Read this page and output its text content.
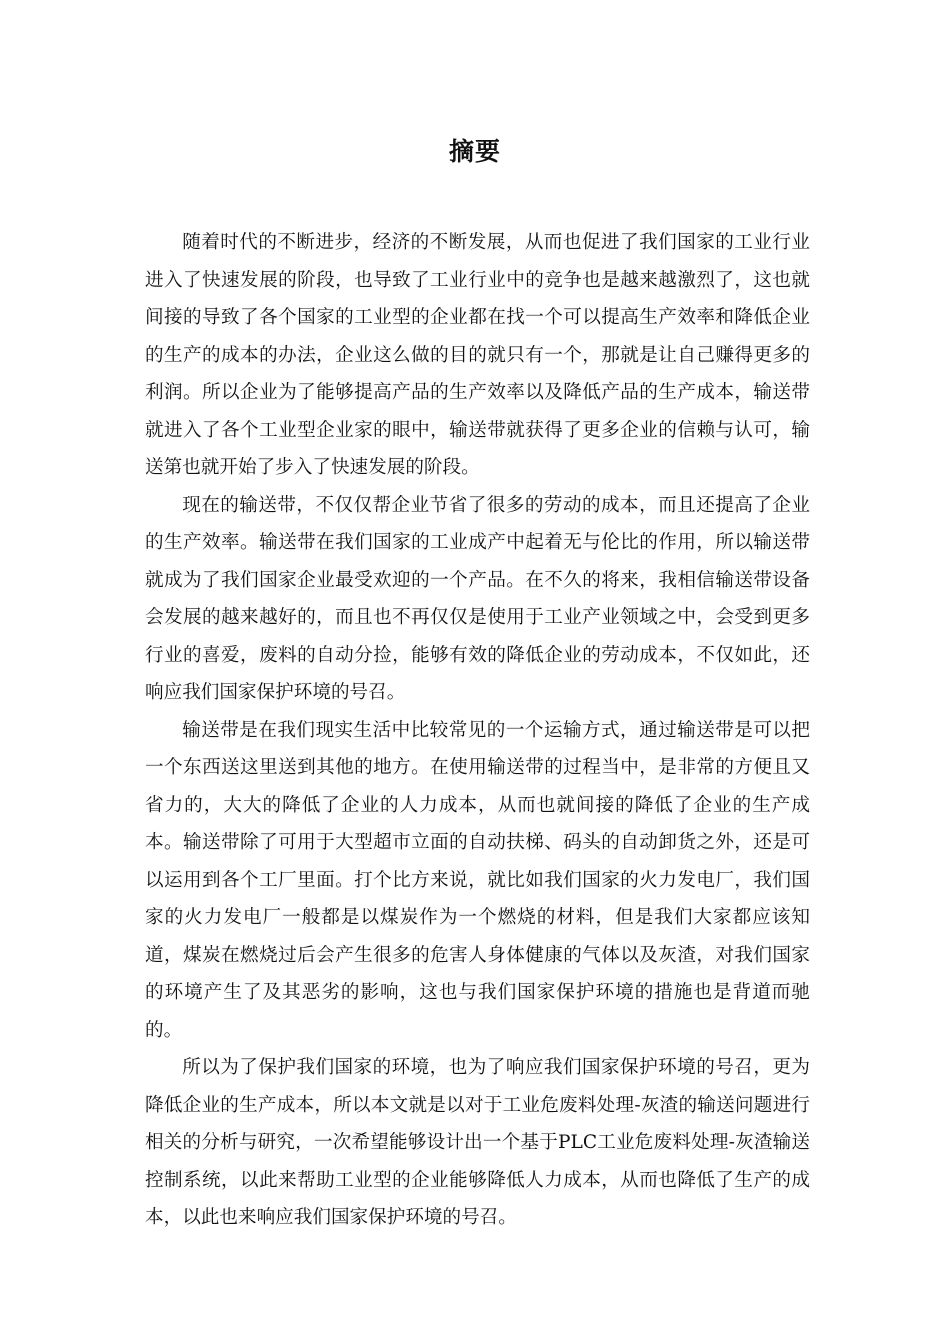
摘要

随着时代的不断进步，经济的不断发展，从而也促进了我们国家的工业行业进入了快速发展的阶段，也导致了工业行业中的竞争也是越来越激烈了，这也就间接的导致了各个国家的工业型的企业都在找一个可以提高生产效率和降低企业的生产的成本的办法，企业这么做的目的就只有一个，那就是让自己赚得更多的利润。所以企业为了能够提高产品的生产效率以及降低产品的生产成本，输送带就进入了各个工业型企业家的眼中，输送带就获得了更多企业的信赖与认可，输送第也就开始了步入了快速发展的阶段。

现在的输送带，不仅仅帮企业节省了很多的劳动的成本，而且还提高了企业的生产效率。输送带在我们国家的工业成产中起着无与伦比的作用，所以输送带就成为了我们国家企业最受欢迎的一个产品。在不久的将来，我相信输送带设备会发展的越来越好的，而且也不再仅仅是使用于工业产业领域之中，会受到更多行业的喜爱，废料的自动分捡，能够有效的降低企业的劳动成本，不仅如此，还响应我们国家保护环境的号召。

输送带是在我们现实生活中比较常见的一个运输方式，通过输送带是可以把一个东西送这里送到其他的地方。在使用输送带的过程当中，是非常的方便且又省力的，大大的降低了企业的人力成本，从而也就间接的降低了企业的生产成本。输送带除了可用于大型超市立面的自动扶梯、码头的自动卸货之外，还是可以运用到各个工厂里面。打个比方来说，就比如我们国家的火力发电厂，我们国家的火力发电厂一般都是以煤炭作为一个燃烧的材料，但是我们大家都应该知道，煤炭在燃烧过后会产生很多的危害人身体健康的气体以及灰渣，对我们国家的环境产生了及其恶劣的影响，这也与我们国家保护环境的措施也是背道而驰的。

所以为了保护我们国家的环境，也为了响应我们国家保护环境的号召，更为降低企业的生产成本，所以本文就是以对于工业危废料处理-灰渣的输送问题进行相关的分析与研究，一次希望能够设计出一个基于PLC工业危废料处理-灰渣输送控制系统，以此来帮助工业型的企业能够降低人力成本，从而也降低了生产的成本，以此也来响应我们国家保护环境的号召。
